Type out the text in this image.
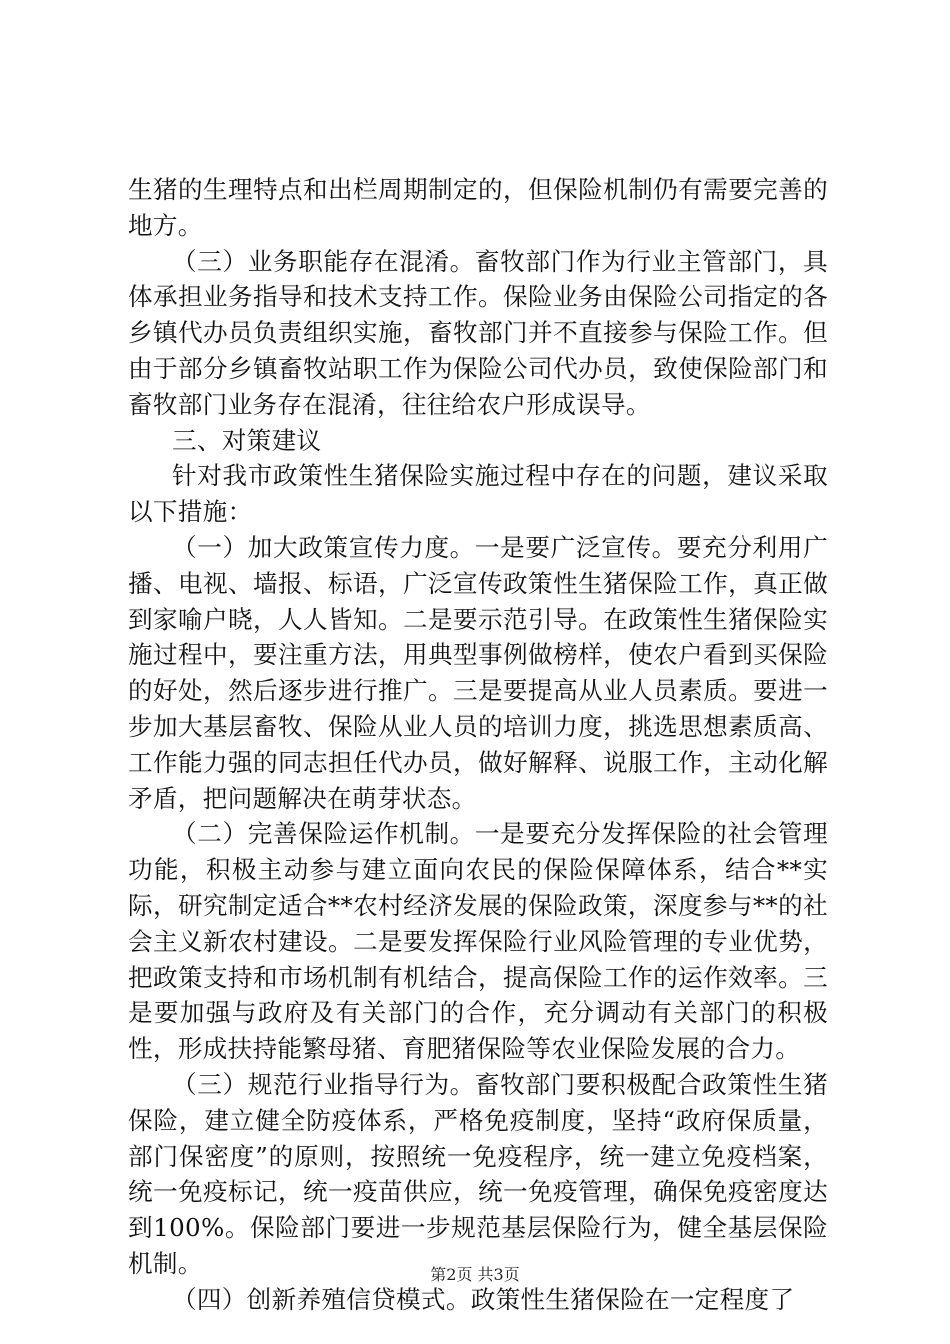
生猪的生理特点和出栏周期制定的，但保险机制仍有需要完善的地方。

（三）业务职能存在混淆。畜牧部门作为行业主管部门，具体承担业务指导和技术支持工作。保险业务由保险公司指定的各乡镇代办员负责组织实施，畜牧部门并不直接参与保险工作。但由于部分乡镇畜牧站职工作为保险公司代办员，致使保险部门和畜牧部门业务存在混淆，往往给农户形成误导。

三、对策建议

针对我市政策性生猪保险实施过程中存在的问题，建议采取以下措施：

（一）加大政策宣传力度。一是要广泛宣传。要充分利用广播、电视、墙报、标语，广泛宣传政策性生猪保险工作，真正做到家喻户晓，人人皆知。二是要示范引导。在政策性生猪保险实施过程中，要注重方法，用典型事例做榜样，使农户看到买保险的好处，然后逐步进行推广。三是要提高从业人员素质。要进一步加大基层畜牧、保险从业人员的培训力度，挑选思想素质高、工作能力强的同志担任代办员，做好解释、说服工作，主动化解矛盾，把问题解决在萌芽状态。

（二）完善保险运作机制。一是要充分发挥保险的社会管理功能，积极主动参与建立面向农民的保险保障体系，结合**实际，研究制定适合**农村经济发展的保险政策，深度参与**的社会主义新农村建设。二是要发挥保险行业风险管理的专业优势，把政策支持和市场机制有机结合，提高保险工作的运作效率。三是要加强与政府及有关部门的合作，充分调动有关部门的积极性，形成扶持能繁母猪、育肥猪保险等农业保险发展的合力。

（三）规范行业指导行为。畜牧部门要积极配合政策性生猪保险，建立健全防疫体系，严格免疫制度，坚持“政府保质量，部门保密度”的原则，按照统一免疫程序，统一建立免疫档案，统一免疫标记，统一疫苗供应，统一免疫管理，确保免疫密度达到100%。保险部门要进一步规范基层保险行为，健全基层保险机制。

（四）创新养殖信贷模式。政策性生猪保险在一定程度了

第2页 共3页
